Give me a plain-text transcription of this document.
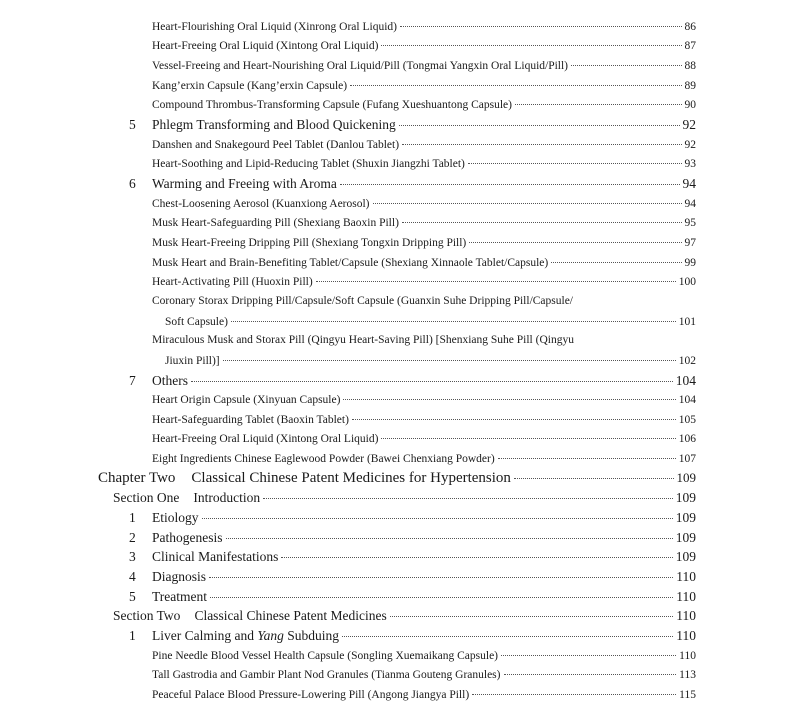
Heart-Flourishing Oral Liquid (Xinrong Oral Liquid)	86
Heart-Freeing Oral Liquid (Xintong Oral Liquid)	87
Vessel-Freeing and Heart-Nourishing Oral Liquid/Pill (Tongmai Yangxin Oral Liquid/Pill)	88
Kang’erxin Capsule (Kang’erxin Capsule)	89
Compound Thrombus-Transforming Capsule (Fufang Xueshuantong Capsule)	90
5 Phlegm Transforming and Blood Quickening	92
Danshen and Snakegourd Peel Tablet (Danlou Tablet)	92
Heart-Soothing and Lipid-Reducing Tablet (Shuxin Jiangzhi Tablet)	93
6 Warming and Freeing with Aroma	94
Chest-Loosening Aerosol (Kuanxiong Aerosol)	94
Musk Heart-Safeguarding Pill (Shexiang Baoxin Pill)	95
Musk Heart-Freeing Dripping Pill (Shexiang Tongxin Dripping Pill)	97
Musk Heart and Brain-Benefiting Tablet/Capsule (Shexiang Xinnaole Tablet/Capsule)	99
Heart-Activating Pill (Huoxin Pill)	100
Coronary Storax Dripping Pill/Capsule/Soft Capsule (Guanxin Suhe Dripping Pill/Capsule/
Soft Capsule)	101
Miraculous Musk and Storax Pill (Qingyu Heart-Saving Pill) [Shenxiang Suhe Pill (Qingyu
Jiuxin Pill)]	102
7 Others	104
Heart Origin Capsule (Xinyuan Capsule)	104
Heart-Safeguarding Tablet (Baoxin Tablet)	105
Heart-Freeing Oral Liquid (Xintong Oral Liquid)	106
Eight Ingredients Chinese Eaglewood Powder (Bawei Chenxiang Powder)	107
Chapter Two Classical Chinese Patent Medicines for Hypertension	109
Section One Introduction	109
1 Etiology	109
2 Pathogenesis	109
3 Clinical Manifestations	109
4 Diagnosis	110
5 Treatment	110
Section Two Classical Chinese Patent Medicines	110
1 Liver Calming and Yang Subduing	110
Pine Needle Blood Vessel Health Capsule (Songling Xuemaikang Capsule)	110
Tall Gastrodia and Gambir Plant Nod Granules (Tianma Gouteng Granules)	113
Peaceful Palace Blood Pressure-Lowering Pill (Angong Jiangya Pill)	115
